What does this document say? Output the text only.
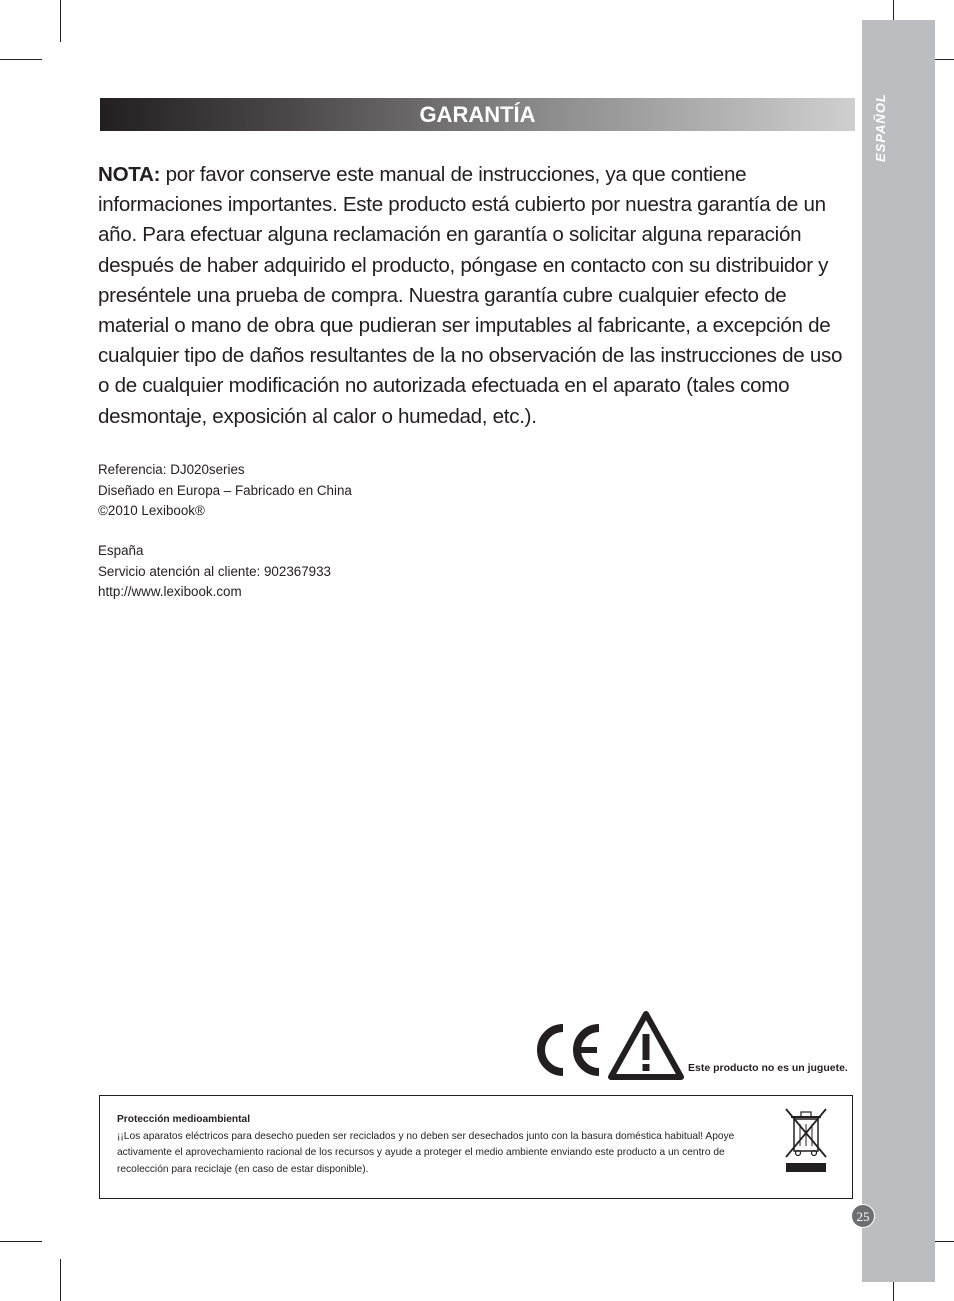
ESPAÑOL
GARANTÍA
NOTA: por favor conserve este manual de instrucciones, ya que contiene informaciones importantes. Este producto está cubierto por nuestra garantía de un año. Para efectuar alguna reclamación en garantía o solicitar alguna reparación después de haber adquirido el producto, póngase en contacto con su distribuidor y preséntele una prueba de compra. Nuestra garantía cubre cualquier efecto de material o mano de obra que pudieran ser imputables al fabricante, a excepción de cualquier tipo de daños resultantes de la no observación de las instrucciones de uso o de cualquier modificación no autorizada efectuada en el aparato (tales como desmontaje, exposición al calor o humedad, etc.).
Referencia: DJ020series
Diseñado en Europa – Fabricado en China
©2010 Lexibook®
España
Servicio atención al cliente: 902367933
http://www.lexibook.com
Este producto no es un juguete.
Protección medioambiental
¡¡Los aparatos eléctricos para desecho pueden ser reciclados y no deben ser desechados junto con la basura doméstica habitual! Apoye activamente el aprovechamiento racional de los recursos y ayude a proteger el medio ambiente enviando este producto a un centro de recolección para reciclaje (en caso de estar disponible).
25
